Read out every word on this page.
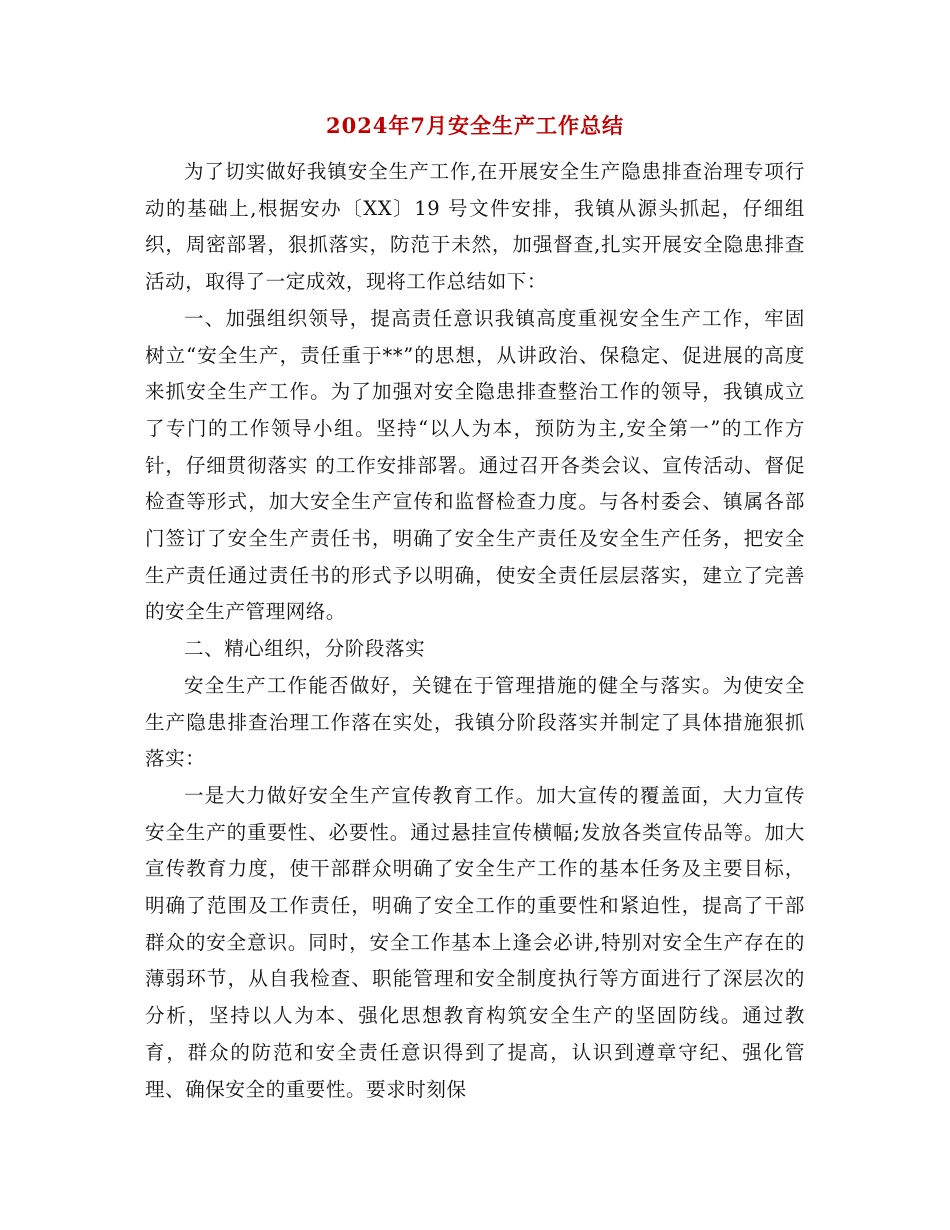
2024年7月安全生产工作总结

为了切实做好我镇安全生产工作,在开展安全生产隐患排查治理专项行动的基础上,根据安办〔XX〕19 号文件安排，我镇从源头抓起，仔细组织，周密部署，狠抓落实，防范于未然，加强督查,扎实开展安全隐患排查活动，取得了一定成效，现将工作总结如下：

一、加强组织领导，提高责任意识我镇高度重视安全生产工作，牢固树立“安全生产，责任重于**”的思想，从讲政治、保稳定、促进展的高度来抓安全生产工作。为了加强对安全隐患排查整治工作的领导，我镇成立了专门的工作领导小组。坚持“以人为本，预防为主,安全第一”的工作方针，仔细贯彻落实 的工作安排部署。通过召开各类会议、宣传活动、督促检查等形式，加大安全生产宣传和监督检查力度。与各村委会、镇属各部门签订了安全生产责任书，明确了安全生产责任及安全生产任务，把安全生产责任通过责任书的形式予以明确，使安全责任层层落实，建立了完善的安全生产管理网络。

二、精心组织，分阶段落实

安全生产工作能否做好，关键在于管理措施的健全与落实。为使安全生产隐患排查治理工作落在实处，我镇分阶段落实并制定了具体措施狠抓落实：

一是大力做好安全生产宣传教育工作。加大宣传的覆盖面，大力宣传安全生产的重要性、必要性。通过悬挂宣传横幅;发放各类宣传品等。加大宣传教育力度，使干部群众明确了安全生产工作的基本任务及主要目标，明确了范围及工作责任，明确了安全工作的重要性和紧迫性，提高了干部群众的安全意识。同时，安全工作基本上逢会必讲,特别对安全生产存在的薄弱环节，从自我检查、职能管理和安全制度执行等方面进行了深层次的分析，坚持以人为本、强化思想教育构筑安全生产的坚固防线。通过教育，群众的防范和安全责任意识得到了提高，认识到遵章守纪、强化管理、确保安全的重要性。要求时刻保
